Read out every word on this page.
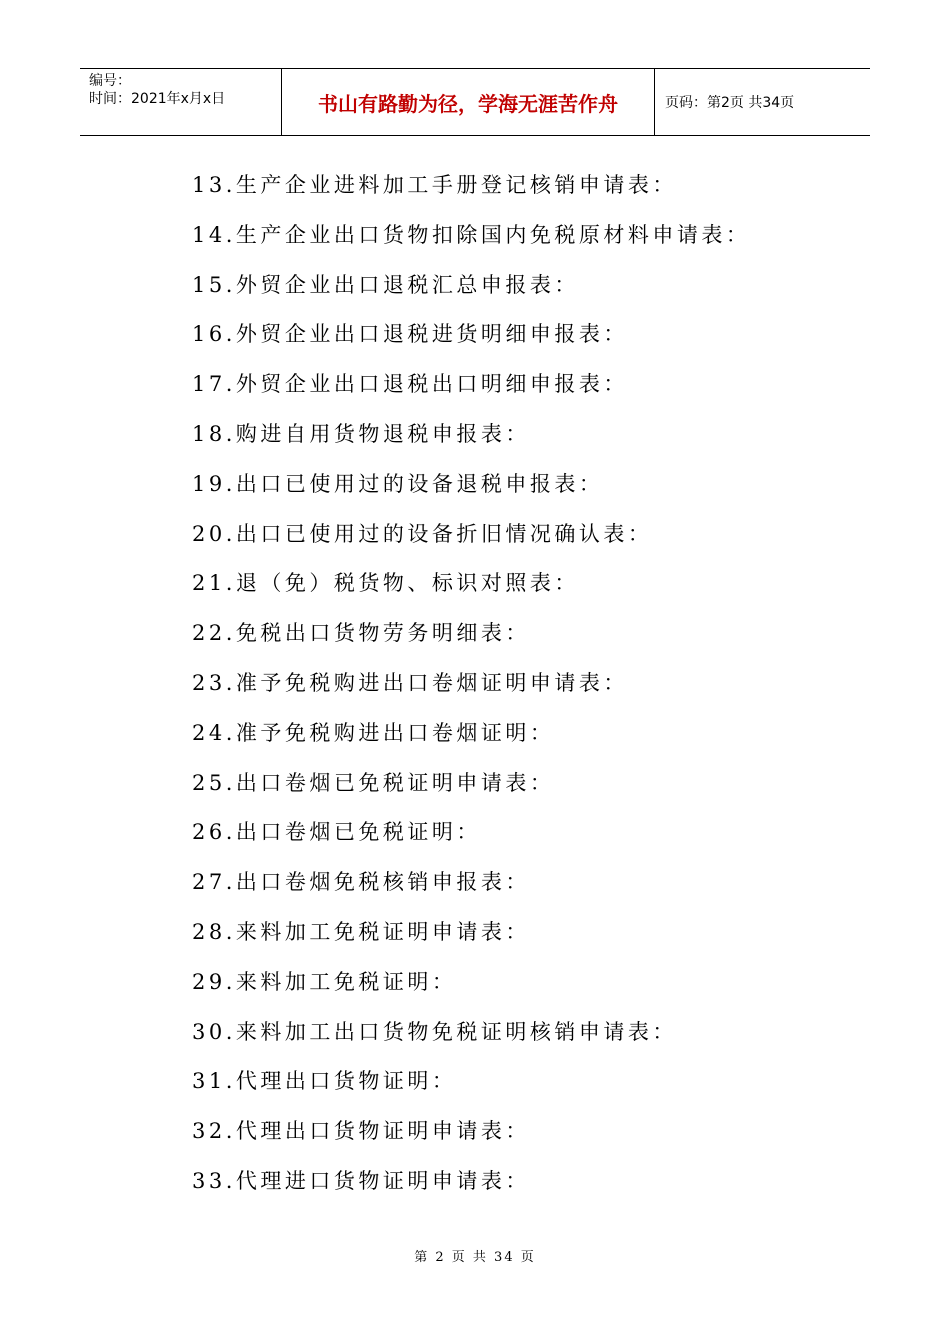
编号：
时间：2021年x月x日	书山有路勤为径，学海无涯苦作舟	页码：第2页 共34页
13.生产企业进料加工手册登记核销申请表：
14.生产企业出口货物扣除国内免税原材料申请表：
15.外贸企业出口退税汇总申报表：
16.外贸企业出口退税进货明细申报表：
17.外贸企业出口退税出口明细申报表：
18.购进自用货物退税申报表：
19.出口已使用过的设备退税申报表：
20.出口已使用过的设备折旧情况确认表：
21.退（免）税货物、标识对照表：
22.免税出口货物劳务明细表：
23.准予免税购进出口卷烟证明申请表：
24.准予免税购进出口卷烟证明：
25.出口卷烟已免税证明申请表：
26.出口卷烟已免税证明：
27.出口卷烟免税核销申报表：
28.来料加工免税证明申请表：
29.来料加工免税证明：
30.来料加工出口货物免税证明核销申请表：
31.代理出口货物证明：
32.代理出口货物证明申请表：
33.代理进口货物证明申请表：
第 2 页 共 34 页
